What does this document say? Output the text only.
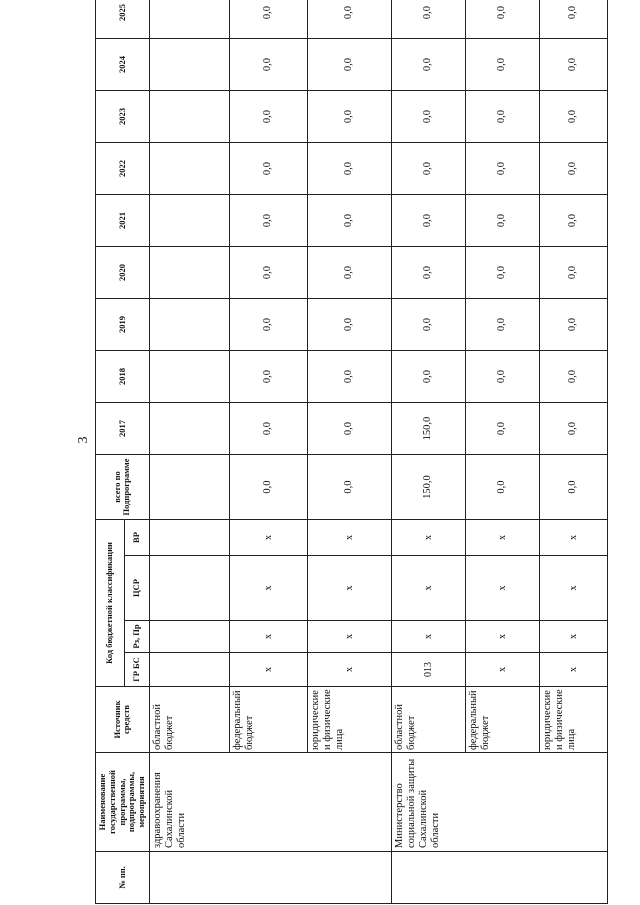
3
№ пп.	Наименование государственной программы, подпрограммы, мероприятия	Источник средств	Код бюджетной классификации				всего по Подпрограмме	2017	2018	2019	2020	2021	2022	2023	2024	2025
			ГР БС	Рз, Пр	ЦСР	ВР										
	здравоохранения Сахалинской области	областной бюджет														
		федеральный бюджет	х	х	х	х	0,0	0,0	0,0	0,0	0,0	0,0	0,0	0,0	0,0	0,0
		юридические и физические лица	х	х	х	х	0,0	0,0	0,0	0,0	0,0	0,0	0,0	0,0	0,0	0,0
	Министерство социальной защиты Сахалинской области	областной бюджет	013	х	х	х	150,0	150,0	0,0	0,0	0,0	0,0	0,0	0,0	0,0	0,0
		федеральный бюджет	х	х	х	х	0,0	0,0	0,0	0,0	0,0	0,0	0,0	0,0	0,0	0,0
		юридические и физические лица	х	х	х	х	0,0	0,0	0,0	0,0	0,0	0,0	0,0	0,0	0,0	0,0
